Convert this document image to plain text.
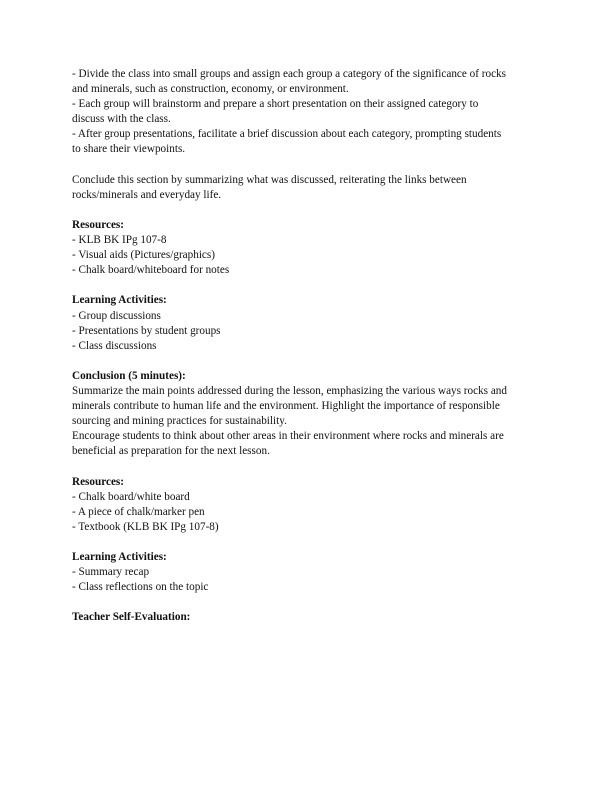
- Divide the class into small groups and assign each group a category of the significance of rocks
and minerals, such as construction, economy, or environment.
- Each group will brainstorm and prepare a short presentation on their assigned category to
discuss with the class.
- After group presentations, facilitate a brief discussion about each category, prompting students
to share their viewpoints.
Conclude this section by summarizing what was discussed, reiterating the links between
rocks/minerals and everyday life.
Resources:
- KLB BK IPg 107-8
- Visual aids (Pictures/graphics)
- Chalk board/whiteboard for notes
Learning Activities:
- Group discussions
- Presentations by student groups
- Class discussions
Conclusion (5 minutes):
Summarize the main points addressed during the lesson, emphasizing the various ways rocks and
minerals contribute to human life and the environment. Highlight the importance of responsible
sourcing and mining practices for sustainability.
Encourage students to think about other areas in their environment where rocks and minerals are
beneficial as preparation for the next lesson.
Resources:
- Chalk board/white board
- A piece of chalk/marker pen
- Textbook (KLB BK IPg 107-8)
Learning Activities:
- Summary recap
- Class reflections on the topic
Teacher Self-Evaluation:
